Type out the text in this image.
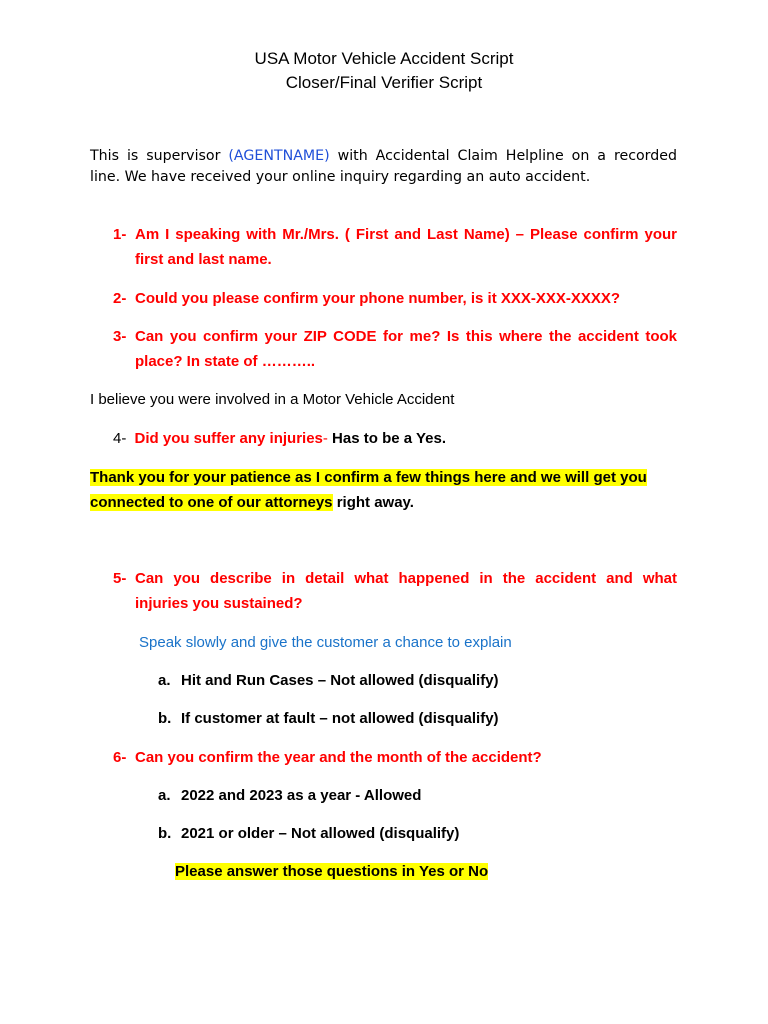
USA Motor Vehicle Accident Script
Closer/Final Verifier Script
This is supervisor (AGENTNAME) with Accidental Claim Helpline on a recorded line. We have received your online inquiry regarding an auto accident.
1- Am I speaking with Mr./Mrs. ( First and Last Name) – Please confirm your
first and last name.
2- Could you please confirm your phone number, is it XXX-XXX-XXXX?
3- Can you confirm your ZIP CODE for me? Is this where the accident took
place? In state of ………..
I believe you were involved in a Motor Vehicle Accident
4- Did you suffer any injuries- Has to be a Yes.
Thank you for your patience as I confirm a few things here and we will get you
connected to one of our attorneys right away.
5- Can you describe in detail what happened in the accident and what
injuries you sustained?
Speak slowly and give the customer a chance to explain
a. Hit and Run Cases – Not allowed (disqualify)
b. If customer at fault – not allowed (disqualify)
6- Can you confirm the year and the month of the accident?
a. 2022 and 2023 as a year - Allowed
b. 2021 or older – Not allowed (disqualify)
Please answer those questions in Yes or No
